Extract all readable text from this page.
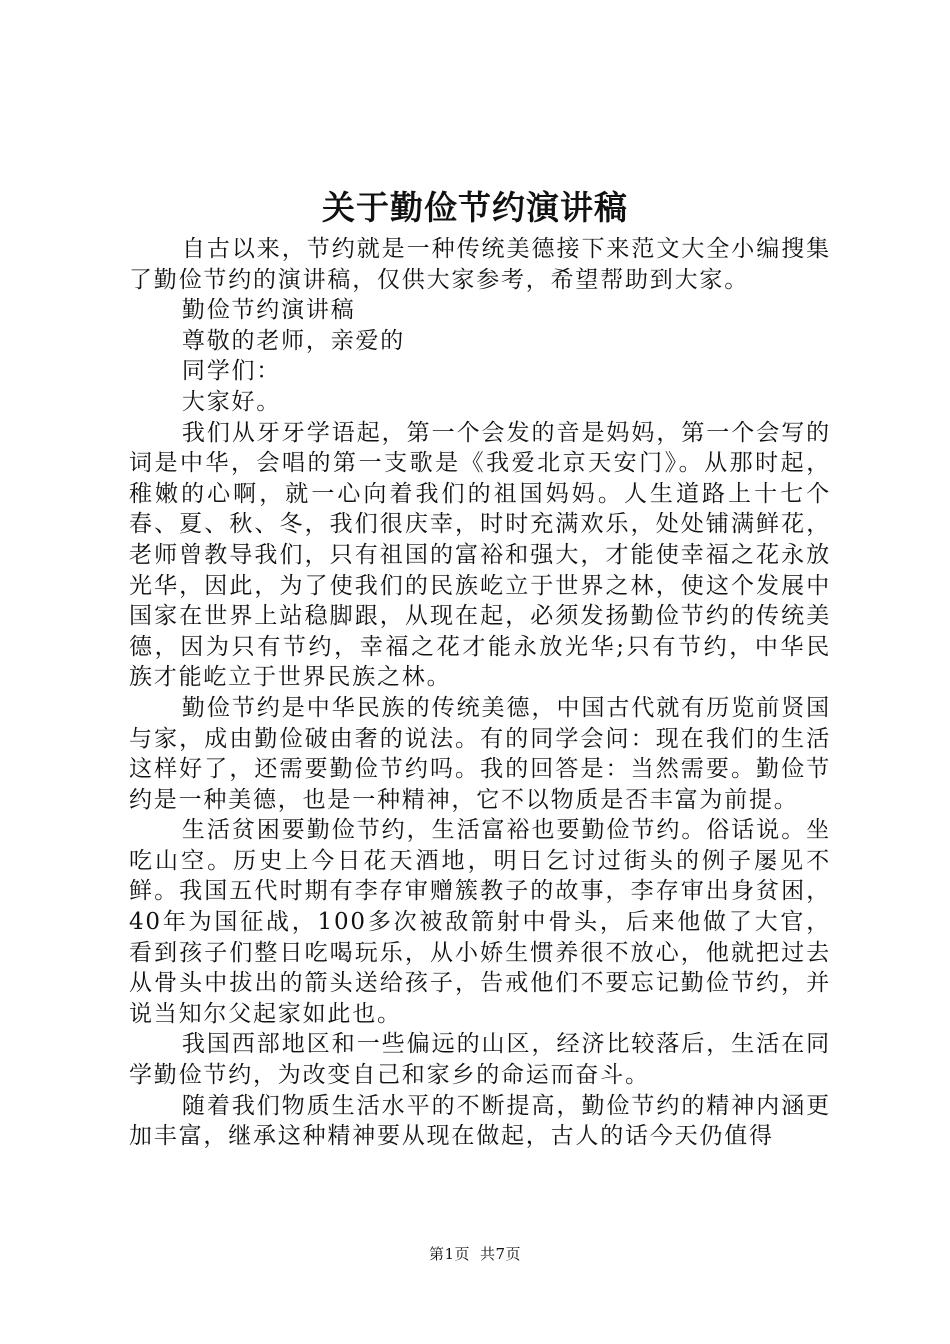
关于勤俭节约演讲稿

自古以来，节约就是一种传统美德接下来范文大全小编搜集了勤俭节约的演讲稿，仅供大家参考，希望帮助到大家。

勤俭节约演讲稿

尊敬的老师，亲爱的

同学们：

大家好。

我们从牙牙学语起，第一个会发的音是妈妈，第一个会写的词是中华，会唱的第一支歌是《我爱北京天安门》。从那时起，稚嫩的心啊，就一心向着我们的祖国妈妈。人生道路上十七个春、夏、秋、冬，我们很庆幸，时时充满欢乐，处处铺满鲜花，老师曾教导我们，只有祖国的富裕和强大，才能使幸福之花永放光华，因此，为了使我们的民族屹立于世界之林，使这个发展中国家在世界上站稳脚跟，从现在起，必须发扬勤俭节约的传统美德，因为只有节约，幸福之花才能永放光华;只有节约，中华民族才能屹立于世界民族之林。

勤俭节约是中华民族的传统美德，中国古代就有历览前贤国与家，成由勤俭破由奢的说法。有的同学会问：现在我们的生活这样好了，还需要勤俭节约吗。我的回答是：当然需要。勤俭节约是一种美德，也是一种精神，它不以物质是否丰富为前提。

生活贫困要勤俭节约，生活富裕也要勤俭节约。俗话说。坐吃山空。历史上今日花天酒地，明日乞讨过街头的例子屡见不鲜。我国五代时期有李存审赠簇教子的故事，李存审出身贫困，40年为国征战，100多次被敌箭射中骨头，后来他做了大官，看到孩子们整日吃喝玩乐，从小娇生惯养很不放心，他就把过去从骨头中拔出的箭头送给孩子，告戒他们不要忘记勤俭节约，并说当知尔父起家如此也。

我国西部地区和一些偏远的山区，经济比较落后，生活在同学勤俭节约，为改变自己和家乡的命运而奋斗。

随着我们物质生活水平的不断提高，勤俭节约的精神内涵更加丰富，继承这种精神要从现在做起，古人的话今天仍值得

第1页 共7页
